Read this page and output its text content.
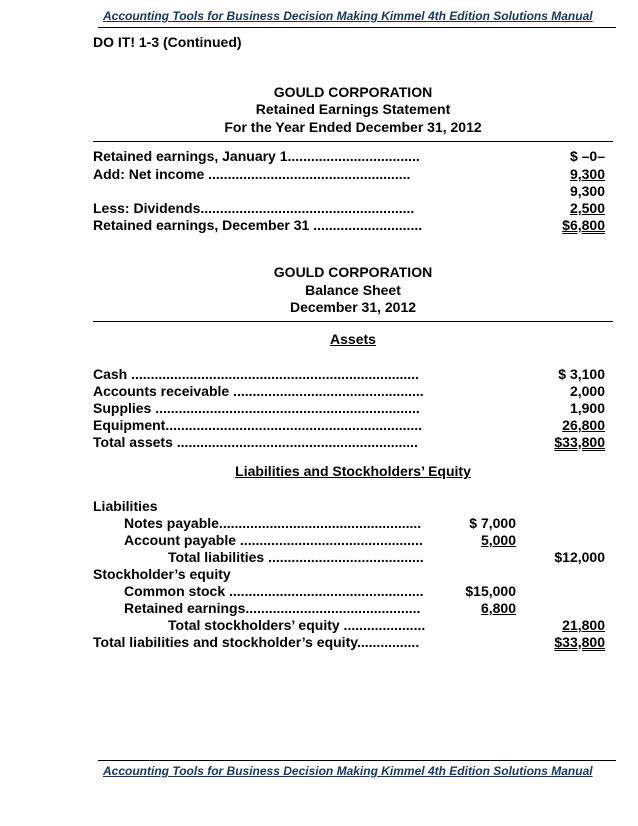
Accounting Tools for Business Decision Making Kimmel 4th Edition Solutions Manual
DO IT! 1-3 (Continued)
GOULD CORPORATION
Retained Earnings Statement
For the Year Ended December 31, 2012
Retained earnings, January 1..................................	$ –0–
Add: Net income ....................................................	9,300
9,300
Less: Dividends.......................................................	2,500
Retained earnings, December 31 ............................	$6,800
GOULD CORPORATION
Balance Sheet
December 31, 2012
Assets
Cash ..........................................................................	$ 3,100
Accounts receivable .................................................	2,000
Supplies ....................................................................	1,900
Equipment..................................................................	26,800
Total assets ..............................................................	$33,800
Liabilities and Stockholders’ Equity
Liabilities
Notes payable....................................................	$ 7,000
Account payable ...............................................	5,000
Total liabilities ........................................	$12,000
Stockholder’s equity
Common stock ..................................................	$15,000
Retained earnings.............................................	6,800
Total stockholders’ equity .....................	21,800
Total liabilities and stockholder’s equity................	$33,800
Accounting Tools for Business Decision Making Kimmel 4th Edition Solutions Manual
